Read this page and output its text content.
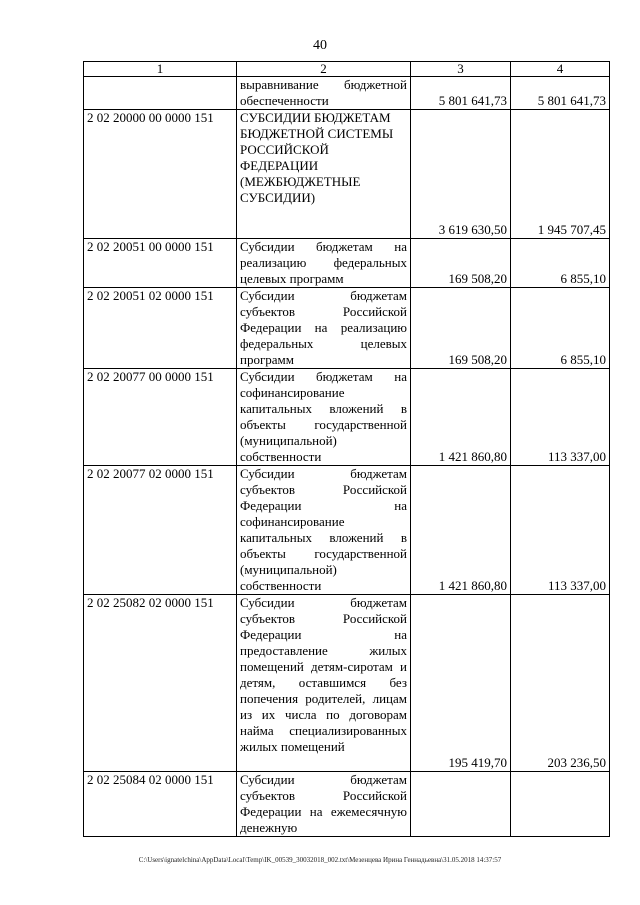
40
1	2	3	4
	выравнивание бюджетной обеспеченности	5 801 641,73	5 801 641,73
2 02 20000 00 0000 151	СУБСИДИИ БЮДЖЕТАМ БЮДЖЕТНОЙ СИСТЕМЫ РОССИЙСКОЙ ФЕДЕРАЦИИ (МЕЖБЮДЖЕТНЫЕ СУБСИДИИ)	3 619 630,50	1 945 707,45
2 02 20051 00 0000 151	Субсидии бюджетам на реализацию федеральных целевых программ	169 508,20	6 855,10
2 02 20051 02 0000 151	Субсидии бюджетам субъектов Российской Федерации на реализацию федеральных целевых программ	169 508,20	6 855,10
2 02 20077 00 0000 151	Субсидии бюджетам на софинансирование капитальных вложений в объекты государственной (муниципальной) собственности	1 421 860,80	113 337,00
2 02 20077 02 0000 151	Субсидии бюджетам субъектов Российской Федерации на софинансирование капитальных вложений в объекты государственной (муниципальной) собственности	1 421 860,80	113 337,00
2 02 25082 02 0000 151	Субсидии бюджетам субъектов Российской Федерации на предоставление жилых помещений детям-сиротам и детям, оставшимся без попечения родителей, лицам из их числа по договорам найма специализированных жилых помещений	195 419,70	203 236,50
2 02 25084 02 0000 151	Субсидии бюджетам субъектов Российской Федерации на ежемесячную денежную		
C:\Users\ignatelchina\AppData\Local\Temp\IK_00539_30032018_002.txt\Мезенцева Ирина Геннадьевна\31.05.2018 14:37:57
